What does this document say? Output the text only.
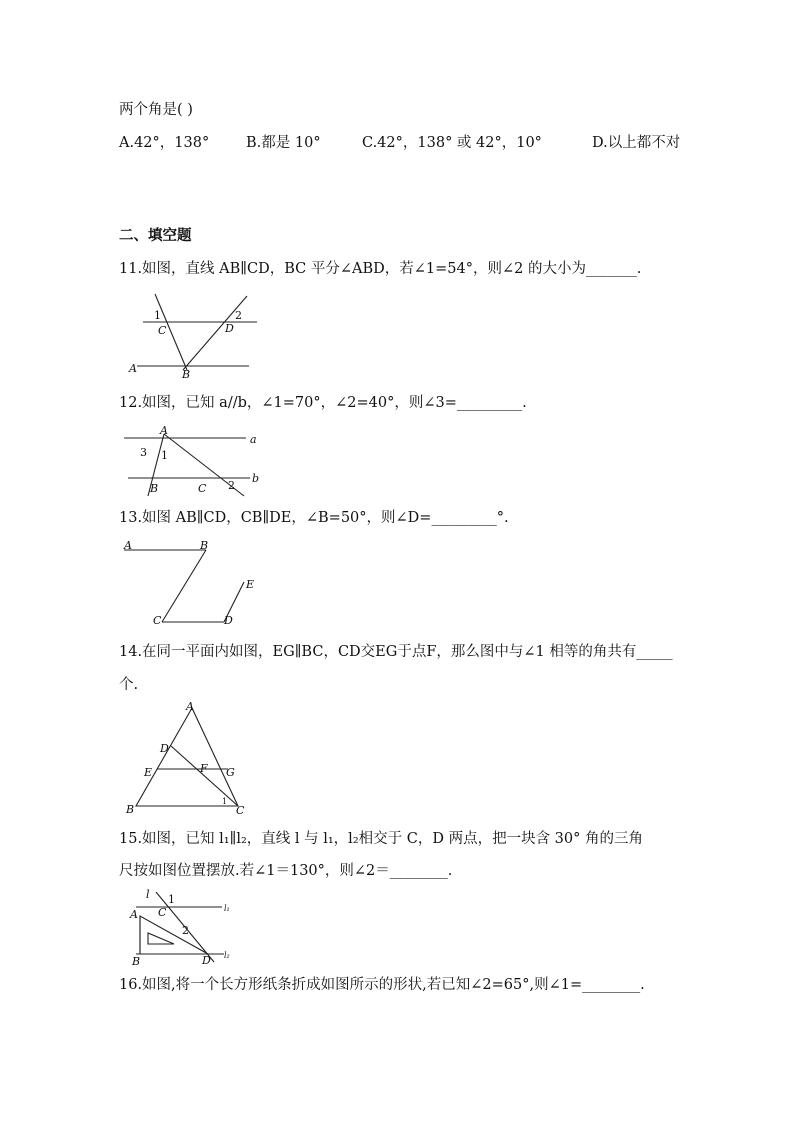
两个角是( )
A.42°，138°	B.都是 10°	C.42°，138° 或 42°，10°	D.以上都不对
二、填空题
11.如图，直线 AB∥CD，BC 平分∠ABD，若∠1=54°，则∠2 的大小为_______.
A	B
C	D
1	2
12.如图，已知 a//b，∠1=70°，∠2=40°，则∠3=_________.
A
B	C
1
2
3
a
b
13.如图 AB∥CD，CB∥DE，∠B=50°，则∠D=_________°.
A	B
C	D
E
14.在同一平面内如图，EG∥BC，CD交EG于点F，那么图中与∠1 相等的角共有_____
个.
A
B	C
D
E	F G
1
15.如图，已知 l₁∥l₂，直线 l 与 l₁，l₂相交于 C，D 两点，把一块含 30° 角的三角
尺按如图位置摆放.若∠1＝130°，则∠2＝________.
l
l₁
l₂
A
B
C
D
1
2
16.如图,将一个长方形纸条折成如图所示的形状,若已知∠2=65°,则∠1=________.
